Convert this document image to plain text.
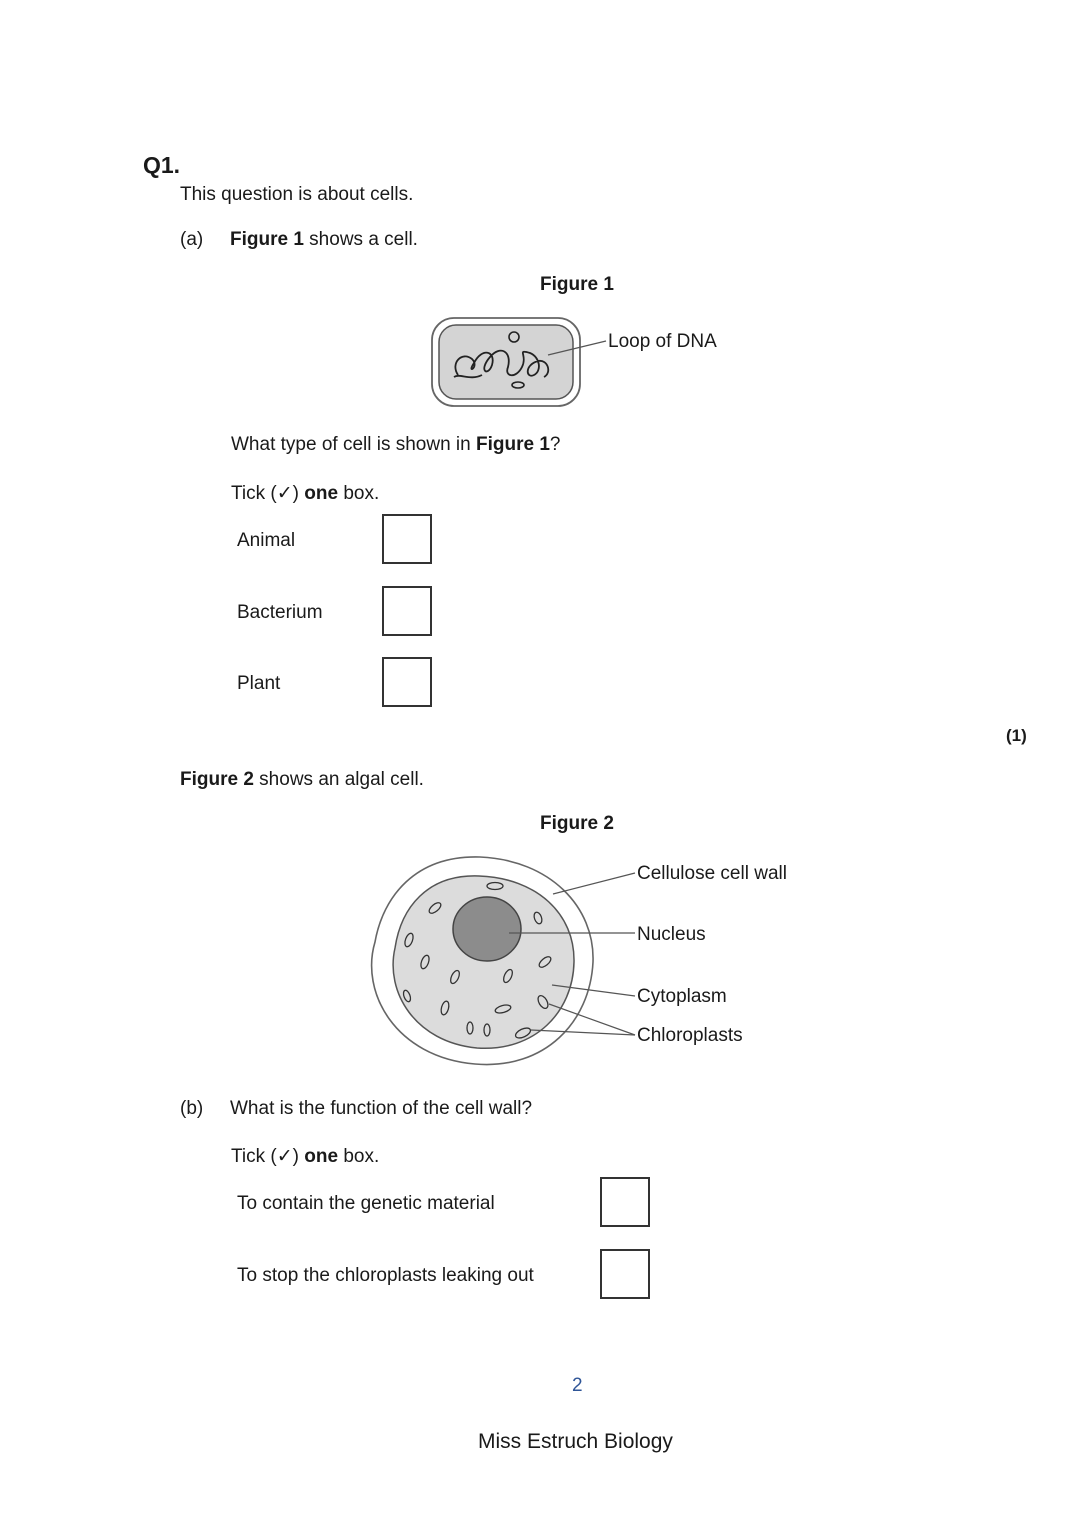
Q1.
This question is about cells.
(a) Figure 1 shows a cell.
Figure 1
Loop of DNA
What type of cell is shown in Figure 1?
Tick (✓) one box.
Animal
Bacterium
Plant
(1)
Figure 2 shows an algal cell.
Figure 2
Cellulose cell wall
Nucleus
Cytoplasm
Chloroplasts
(b) What is the function of the cell wall?
Tick (✓) one box.
To contain the genetic material
To stop the chloroplasts leaking out
2
Miss Estruch Biology
